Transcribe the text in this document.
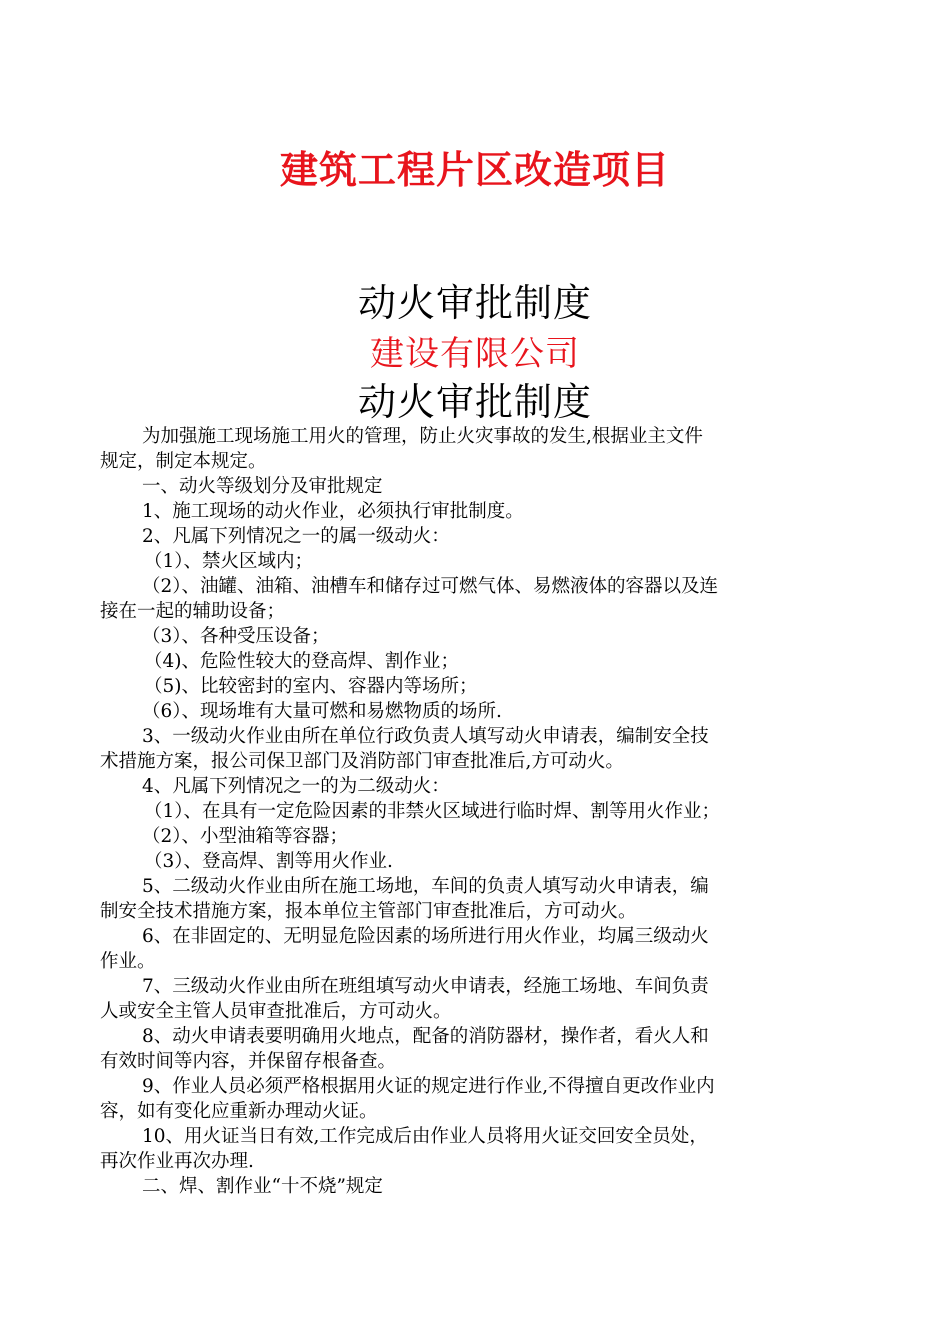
建筑工程片区改造项目
动火审批制度
建设有限公司
动火审批制度
为加强施工现场施工用火的管理，防止火灾事故的发生,根据业主文件
规定，制定本规定。
一、动火等级划分及审批规定
1、施工现场的动火作业，必须执行审批制度。
2、凡属下列情况之一的属一级动火：
（1）、禁火区域内；
（2）、油罐、油箱、油槽车和储存过可燃气体、易燃液体的容器以及连
接在一起的辅助设备；
（3）、各种受压设备；
（4)、危险性较大的登高焊、割作业；
（5)、比较密封的室内、容器内等场所；
（6）、现场堆有大量可燃和易燃物质的场所.
3、一级动火作业由所在单位行政负责人填写动火申请表，编制安全技
术措施方案，报公司保卫部门及消防部门审查批准后,方可动火。
4、凡属下列情况之一的为二级动火：
（1）、在具有一定危险因素的非禁火区域进行临时焊、割等用火作业；
（2）、小型油箱等容器；
（3）、登高焊、割等用火作业.
5、二级动火作业由所在施工场地，车间的负责人填写动火申请表，编
制安全技术措施方案，报本单位主管部门审查批准后，方可动火。
6、在非固定的、无明显危险因素的场所进行用火作业，均属三级动火
作业。
7、三级动火作业由所在班组填写动火申请表，经施工场地、车间负责
人或安全主管人员审查批准后，方可动火。
8、动火申请表要明确用火地点，配备的消防器材，操作者，看火人和
有效时间等内容，并保留存根备查。
9、作业人员必须严格根据用火证的规定进行作业,不得擅自更改作业内
容，如有变化应重新办理动火证。
10、用火证当日有效,工作完成后由作业人员将用火证交回安全员处，
再次作业再次办理.
二、焊、割作业“十不烧”规定
